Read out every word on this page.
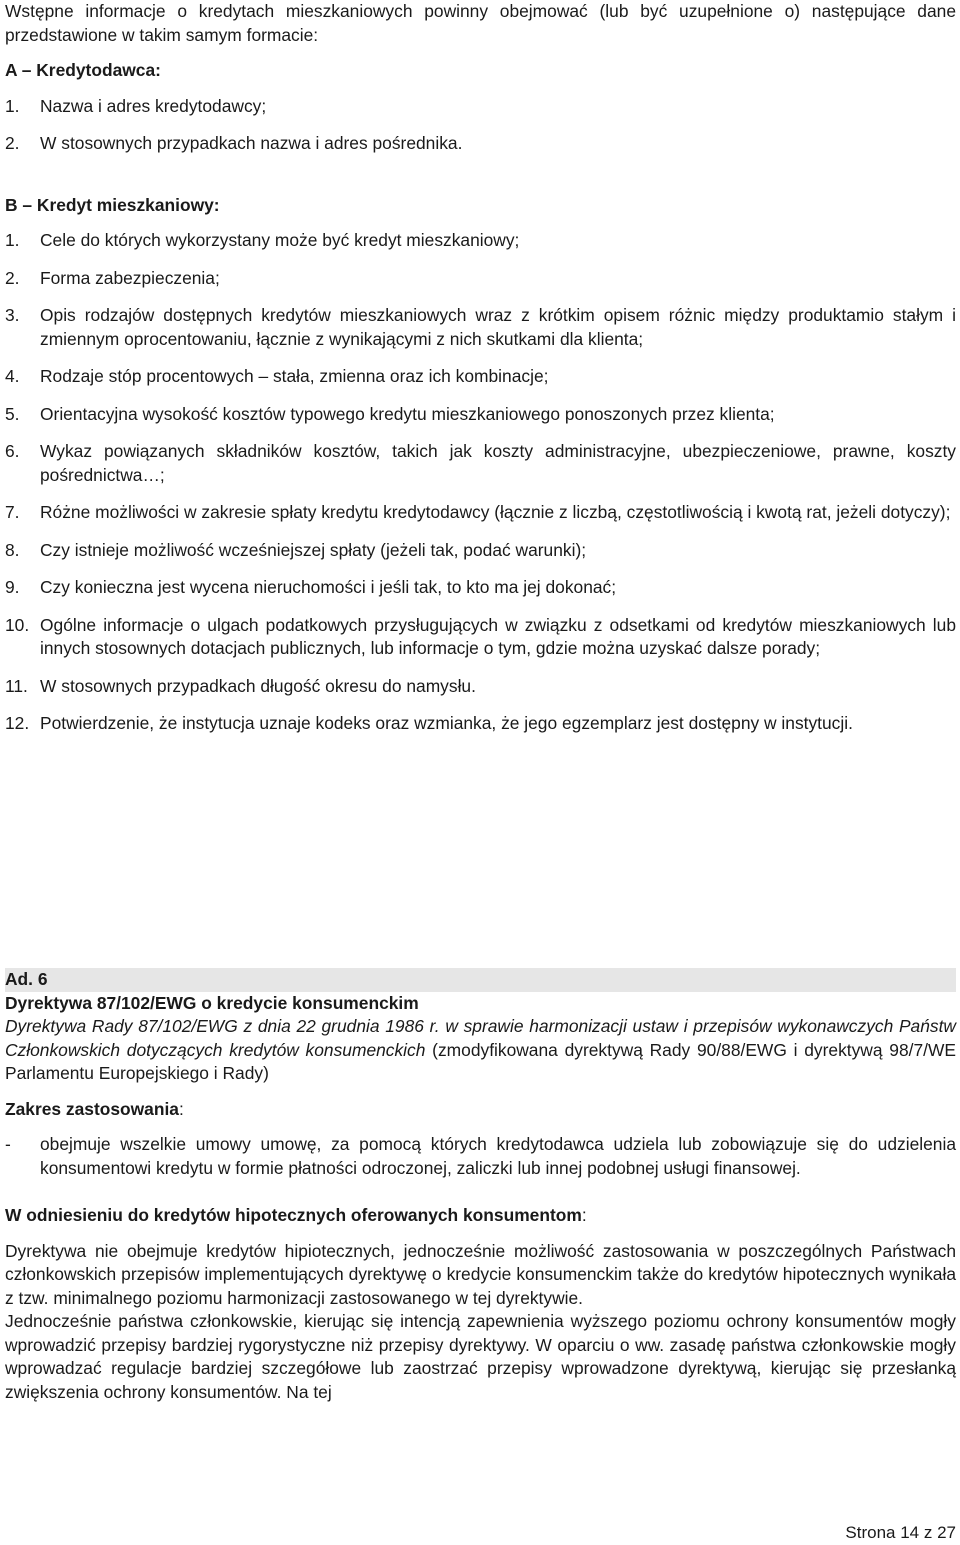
Wstępne informacje o kredytach mieszkaniowych powinny obejmować (lub być uzupełnione o) następujące dane przedstawione w takim samym formacie:
A – Kredytodawca:
1.	Nazwa i adres kredytodawcy;
2.	W stosownych przypadkach nazwa i adres pośrednika.
B – Kredyt mieszkaniowy:
1.	Cele do których wykorzystany może być kredyt mieszkaniowy;
2.	Forma zabezpieczenia;
3.	Opis rodzajów dostępnych kredytów mieszkaniowych wraz z krótkim opisem różnic między produktamio stałym i zmiennym oprocentowaniu, łącznie z wynikającymi z nich skutkami dla klienta;
4.	Rodzaje stóp procentowych – stała, zmienna oraz ich kombinacje;
5.	Orientacyjna wysokość kosztów typowego kredytu mieszkaniowego ponoszonych przez klienta;
6.	Wykaz powiązanych składników kosztów, takich jak koszty administracyjne, ubezpieczeniowe, prawne, koszty pośrednictwa…;
7.	Różne możliwości w zakresie spłaty kredytu kredytodawcy (łącznie z liczbą, częstotliwością i kwotą rat, jeżeli dotyczy);
8.	Czy istnieje możliwość wcześniejszej spłaty (jeżeli tak, podać warunki);
9.	Czy konieczna jest wycena nieruchomości i jeśli tak, to kto ma jej dokonać;
10. Ogólne informacje o ulgach podatkowych przysługujących w związku z odsetkami od kredytów mieszkaniowych lub innych stosownych dotacjach publicznych, lub informacje o tym, gdzie można uzyskać dalsze porady;
11. W stosownych przypadkach długość okresu do namysłu.
12. Potwierdzenie, że instytucja uznaje kodeks oraz wzmianka, że jego egzemplarz jest dostępny w instytucji.
Ad. 6
Dyrektywa 87/102/EWG o kredycie konsumenckim
Dyrektywa Rady 87/102/EWG z dnia 22 grudnia 1986 r. w sprawie harmonizacji ustaw i przepisów wykonawczych Państw Członkowskich dotyczących kredytów konsumenckich (zmodyfikowana dyrektywą Rady 90/88/EWG i dyrektywą 98/7/WE Parlamentu Europejskiego i Rady)
Zakres zastosowania:
-	obejmuje wszelkie umowy umowę, za pomocą których kredytodawca udziela lub zobowiązuje się do udzielenia konsumentowi kredytu w formie płatności odroczonej, zaliczki lub innej podobnej usługi finansowej.
W odniesieniu do kredytów hipotecznych oferowanych konsumentom:
Dyrektywa nie obejmuje kredytów hipiotecznych, jednocześnie możliwość zastosowania w poszczególnych Państwach członkowskich przepisów implementujących dyrektywę o kredycie konsumenckim także do kredytów hipotecznych wynikała z tzw. minimalnego poziomu harmonizacji zastosowanego w tej dyrektywie.
Jednocześnie państwa członkowskie, kierując się intencją zapewnienia wyższego poziomu ochrony konsumentów mogły wprowadzić przepisy bardziej rygorystyczne niż przepisy dyrektywy. W oparciu o ww. zasadę państwa członkowskie mogły wprowadzać regulacje bardziej szczegółowe lub zaostrzać przepisy wprowadzone dyrektywą, kierując się przesłanką zwiększenia ochrony konsumentów. Na tej
Strona 14 z 27
